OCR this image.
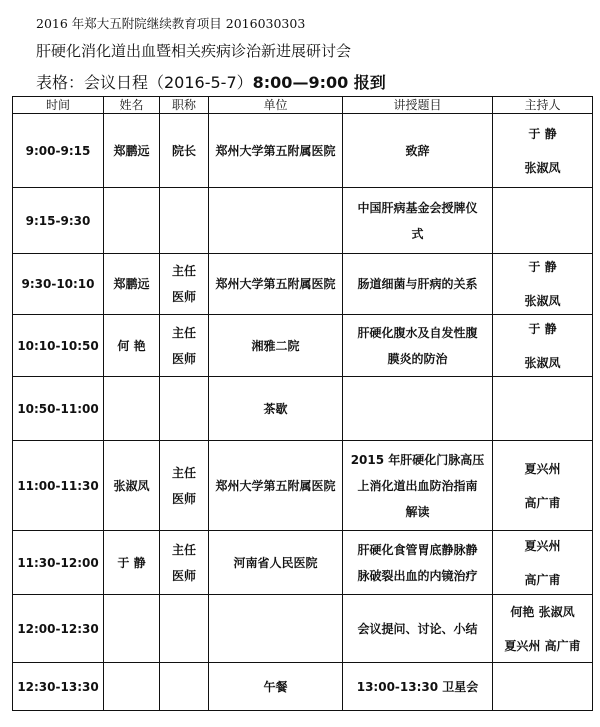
2016 年郑大五附院继续教育项目 2016030303
肝硬化消化道出血暨相关疾病诊治新进展研讨会
表格：会议日程（2016-5-7）8:00—9:00 报到
时间	姓名	职称	单位	讲授题目	主持人

9:00-9:15	郑鹏远	院长	郑州大学第五附属医院	致辞	于 静
张淑凤

9:15-9:30				中国肝病基金会授牌仪
式	

9:30-10:10	郑鹏远	主任
医师	郑州大学第五附属医院	肠道细菌与肝病的关系	于 静
张淑凤

10:10-10:50	何 艳	主任
医师	湘雅二院	肝硬化腹水及自发性腹
膜炎的防治	于 静
张淑凤

10:50-11:00			茶歇		

11:00-11:30	张淑凤	主任
医师	郑州大学第五附属医院	2015 年肝硬化门脉高压
上消化道出血防治指南
解读	夏兴州
高广甫

11:30-12:00	于 静	主任
医师	河南省人民医院	肝硬化食管胃底静脉静
脉破裂出血的内镜治疗	夏兴州
高广甫

12:00-12:30				会议提问、讨论、小结	何艳 张淑凤
夏兴州 高广甫

12:30-13:30			午餐	13:00-13:30 卫星会	
